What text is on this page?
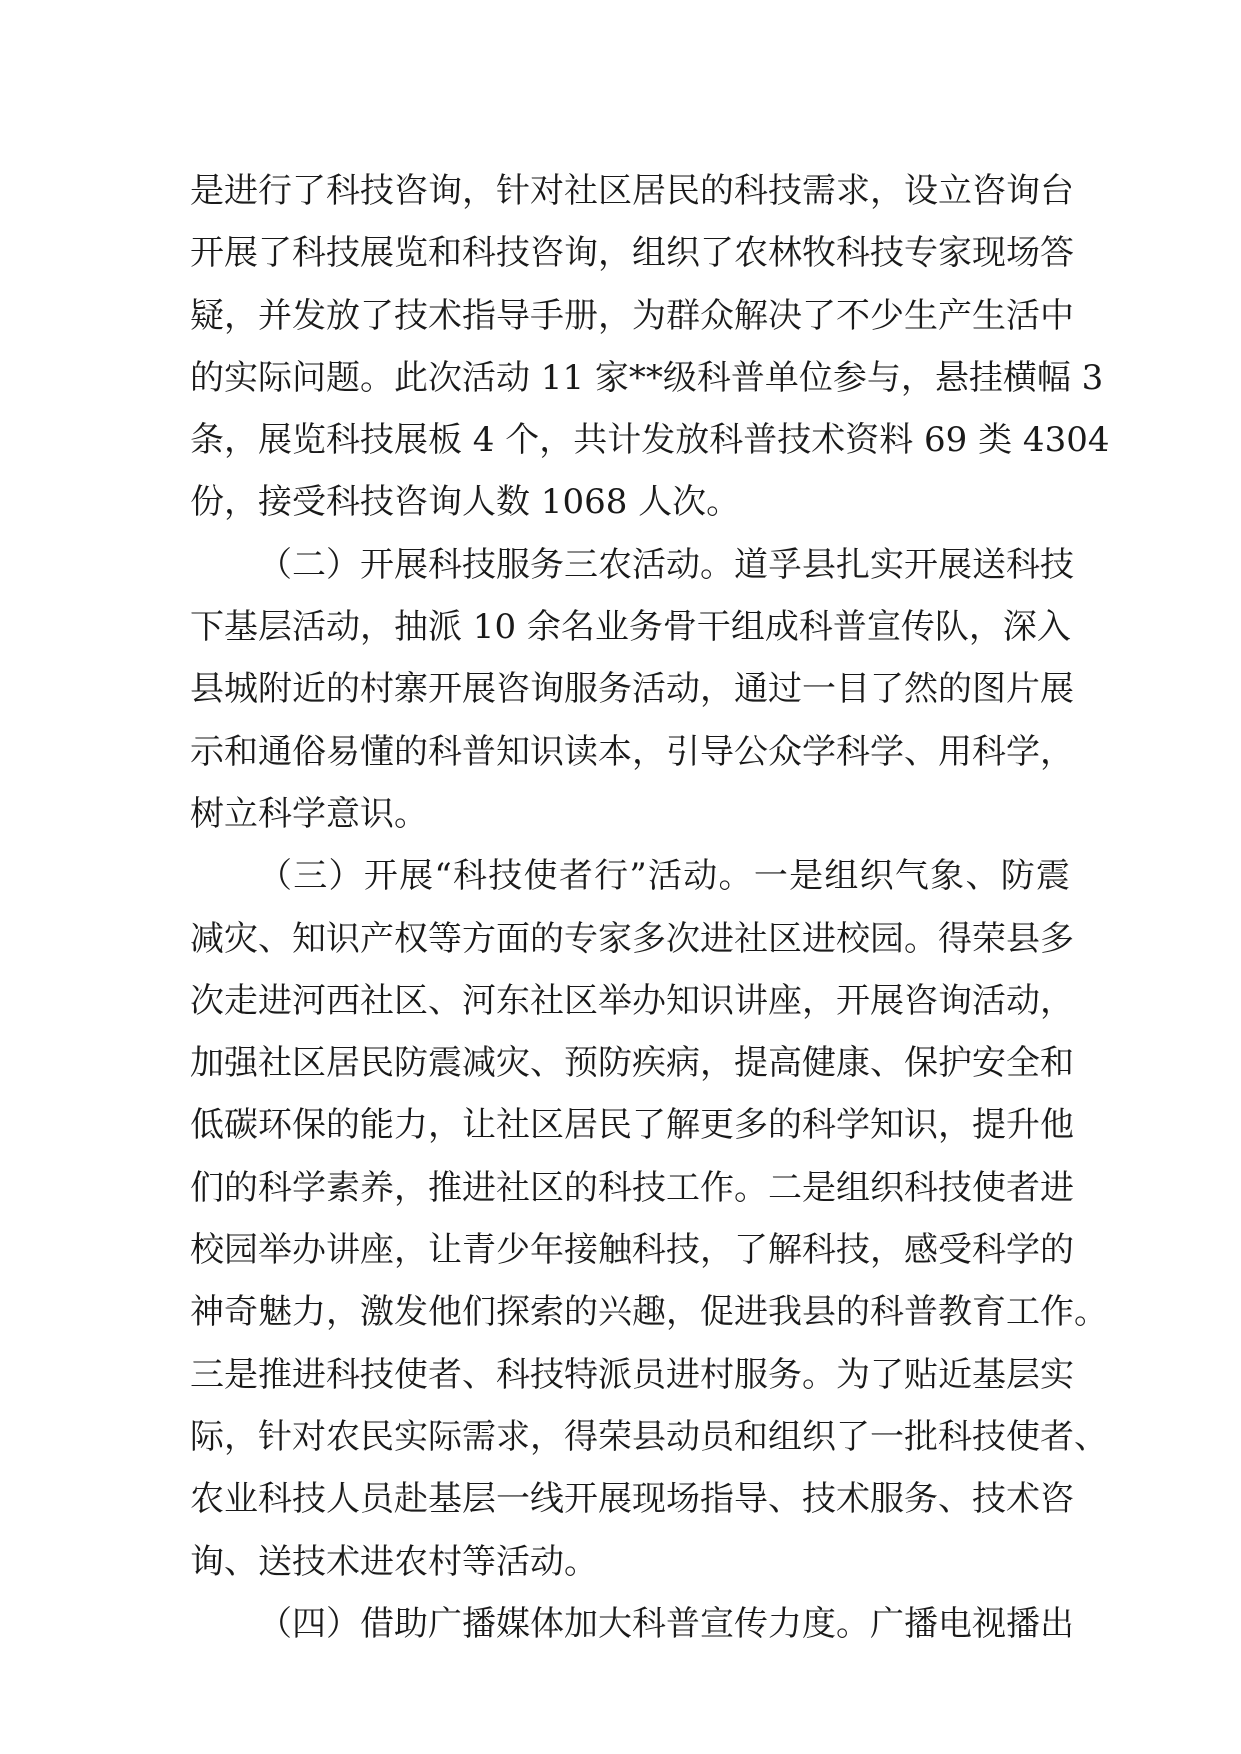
是进行了科技咨询，针对社区居民的科技需求，设立咨询台
开展了科技展览和科技咨询，组织了农林牧科技专家现场答
疑，并发放了技术指导手册，为群众解决了不少生产生活中
的实际问题。此次活动 11 家**级科普单位参与，悬挂横幅 3
条，展览科技展板 4 个，共计发放科普技术资料 69 类 4304
份，接受科技咨询人数 1068 人次。
（二）开展科技服务三农活动。道孚县扎实开展送科技
下基层活动，抽派 10 余名业务骨干组成科普宣传队，深入
县城附近的村寨开展咨询服务活动，通过一目了然的图片展
示和通俗易懂的科普知识读本，引导公众学科学、用科学，
树立科学意识。
（三）开展“科技使者行”活动。一是组织气象、防震
减灾、知识产权等方面的专家多次进社区进校园。得荣县多
次走进河西社区、河东社区举办知识讲座，开展咨询活动，
加强社区居民防震减灾、预防疾病，提高健康、保护安全和
低碳环保的能力，让社区居民了解更多的科学知识，提升他
们的科学素养，推进社区的科技工作。二是组织科技使者进
校园举办讲座，让青少年接触科技，了解科技，感受科学的
神奇魅力，激发他们探索的兴趣，促进我县的科普教育工作。
三是推进科技使者、科技特派员进村服务。为了贴近基层实
际，针对农民实际需求，得荣县动员和组织了一批科技使者、
农业科技人员赴基层一线开展现场指导、技术服务、技术咨
询、送技术进农村等活动。
（四）借助广播媒体加大科普宣传力度。广播电视播出
